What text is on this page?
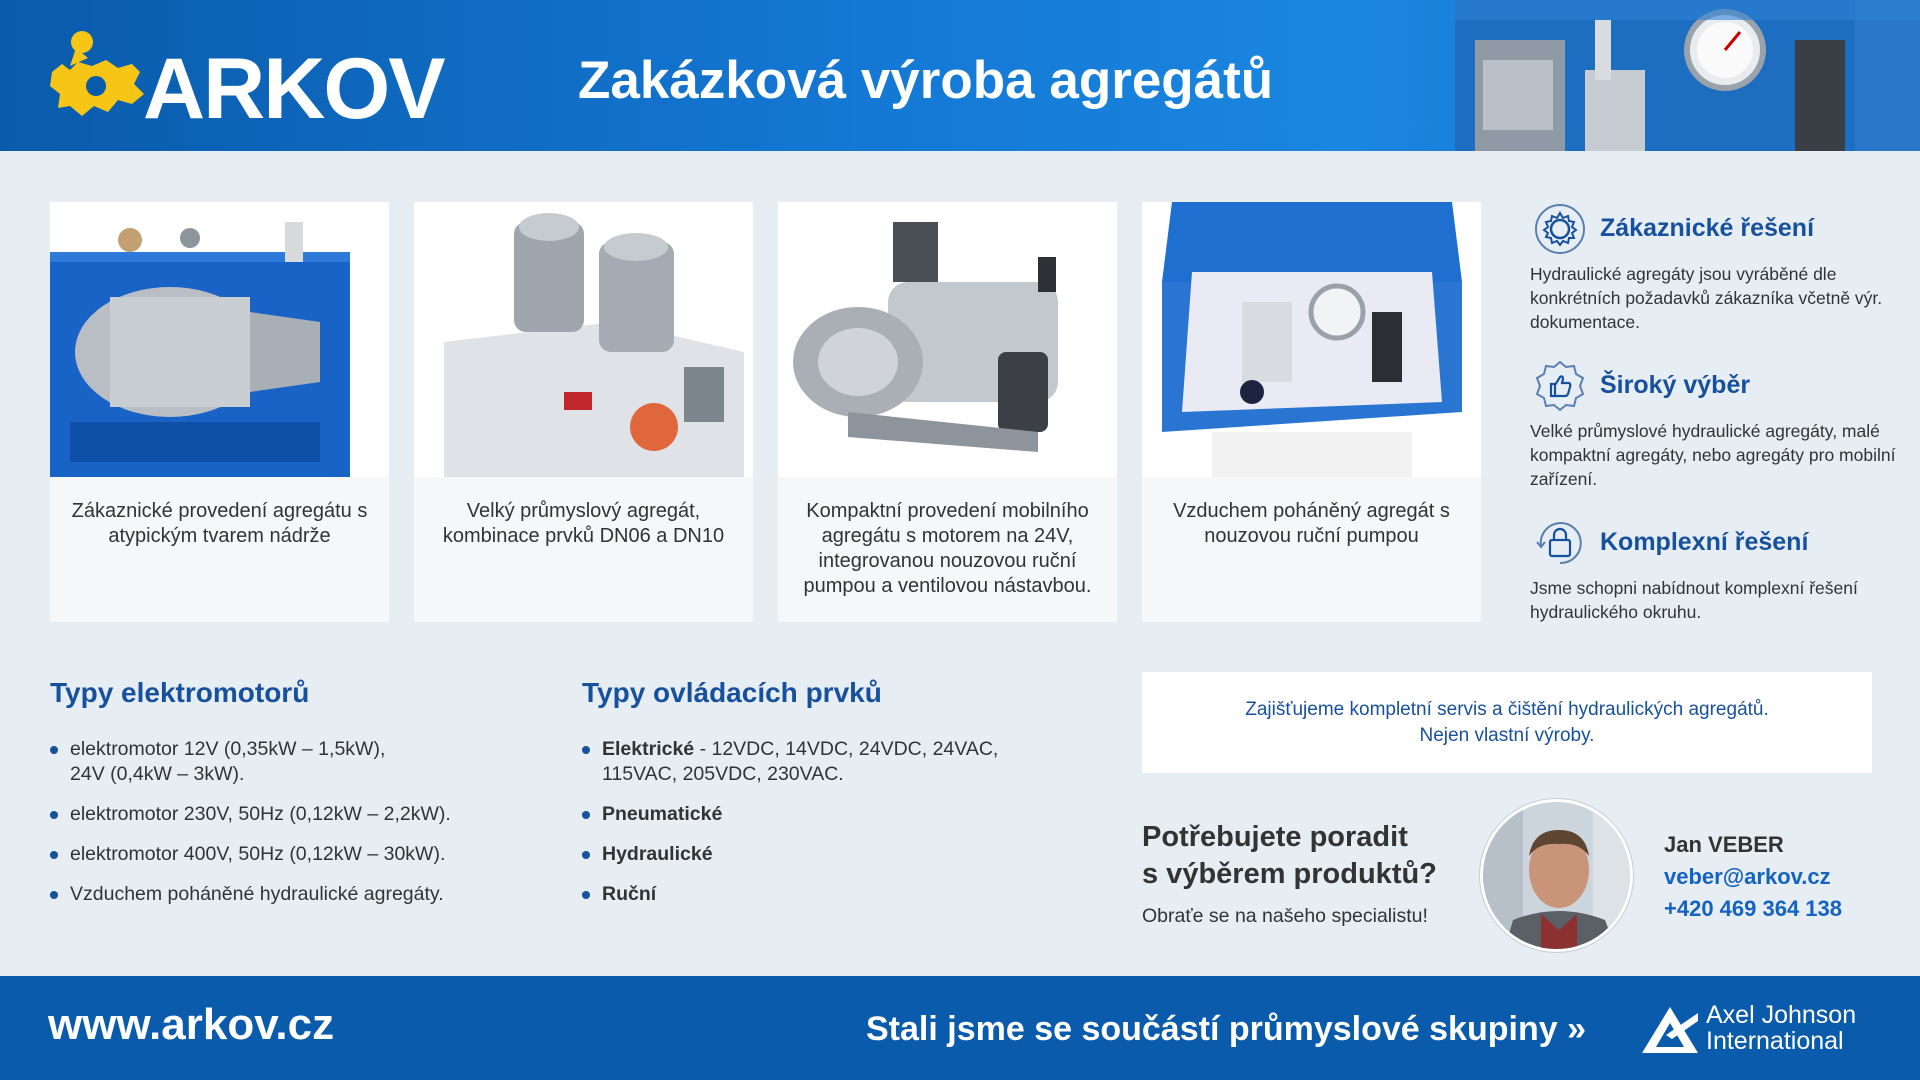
ARKOV	Zakázková výroba agregátů
Zákaznické provedení agregátu s atypickým tvarem nádrže
Velký průmyslový agregát, kombinace prvků DN06 a DN10
Kompaktní provedení mobilního agregátu s motorem na 24V, integrovanou nouzovou ruční pumpou a ventilovou nástavbou.
Vzduchem poháněný agregát s nouzovou ruční pumpou
Zákaznické řešení
Hydraulické agregáty jsou vyráběné dle konkrétních požadavků zákazníka včetně výr. dokumentace.
Široký výběr
Velké průmyslové hydraulické agregáty, malé kompaktní agregáty, nebo agregáty pro mobilní zařízení.
Komplexní řešení
Jsme schopni nabídnout komplexní řešení hydraulického okruhu.
Typy elektromotorů
elektromotor 12V (0,35kW – 1,5kW),
24V (0,4kW – 3kW).
elektromotor 230V, 50Hz (0,12kW – 2,2kW).
elektromotor 400V, 50Hz (0,12kW – 30kW).
Vzduchem poháněné hydraulické agregáty.
Typy ovládacích prvků
Elektrické - 12VDC, 14VDC, 24VDC, 24VAC,
115VAC, 205VDC, 230VAC.
Pneumatické
Hydraulické
Ruční
Zajišťujeme kompletní servis a čištění hydraulických agregátů.
Nejen vlastní výroby.
Potřebujete poradit
s výběrem produktů?
Obraťe se na našeho specialistu!
Jan VEBER
veber@arkov.cz
+420 469 364 138
www.arkov.cz	Stali jsme se součástí průmyslové skupiny »	Axel Johnson
International
